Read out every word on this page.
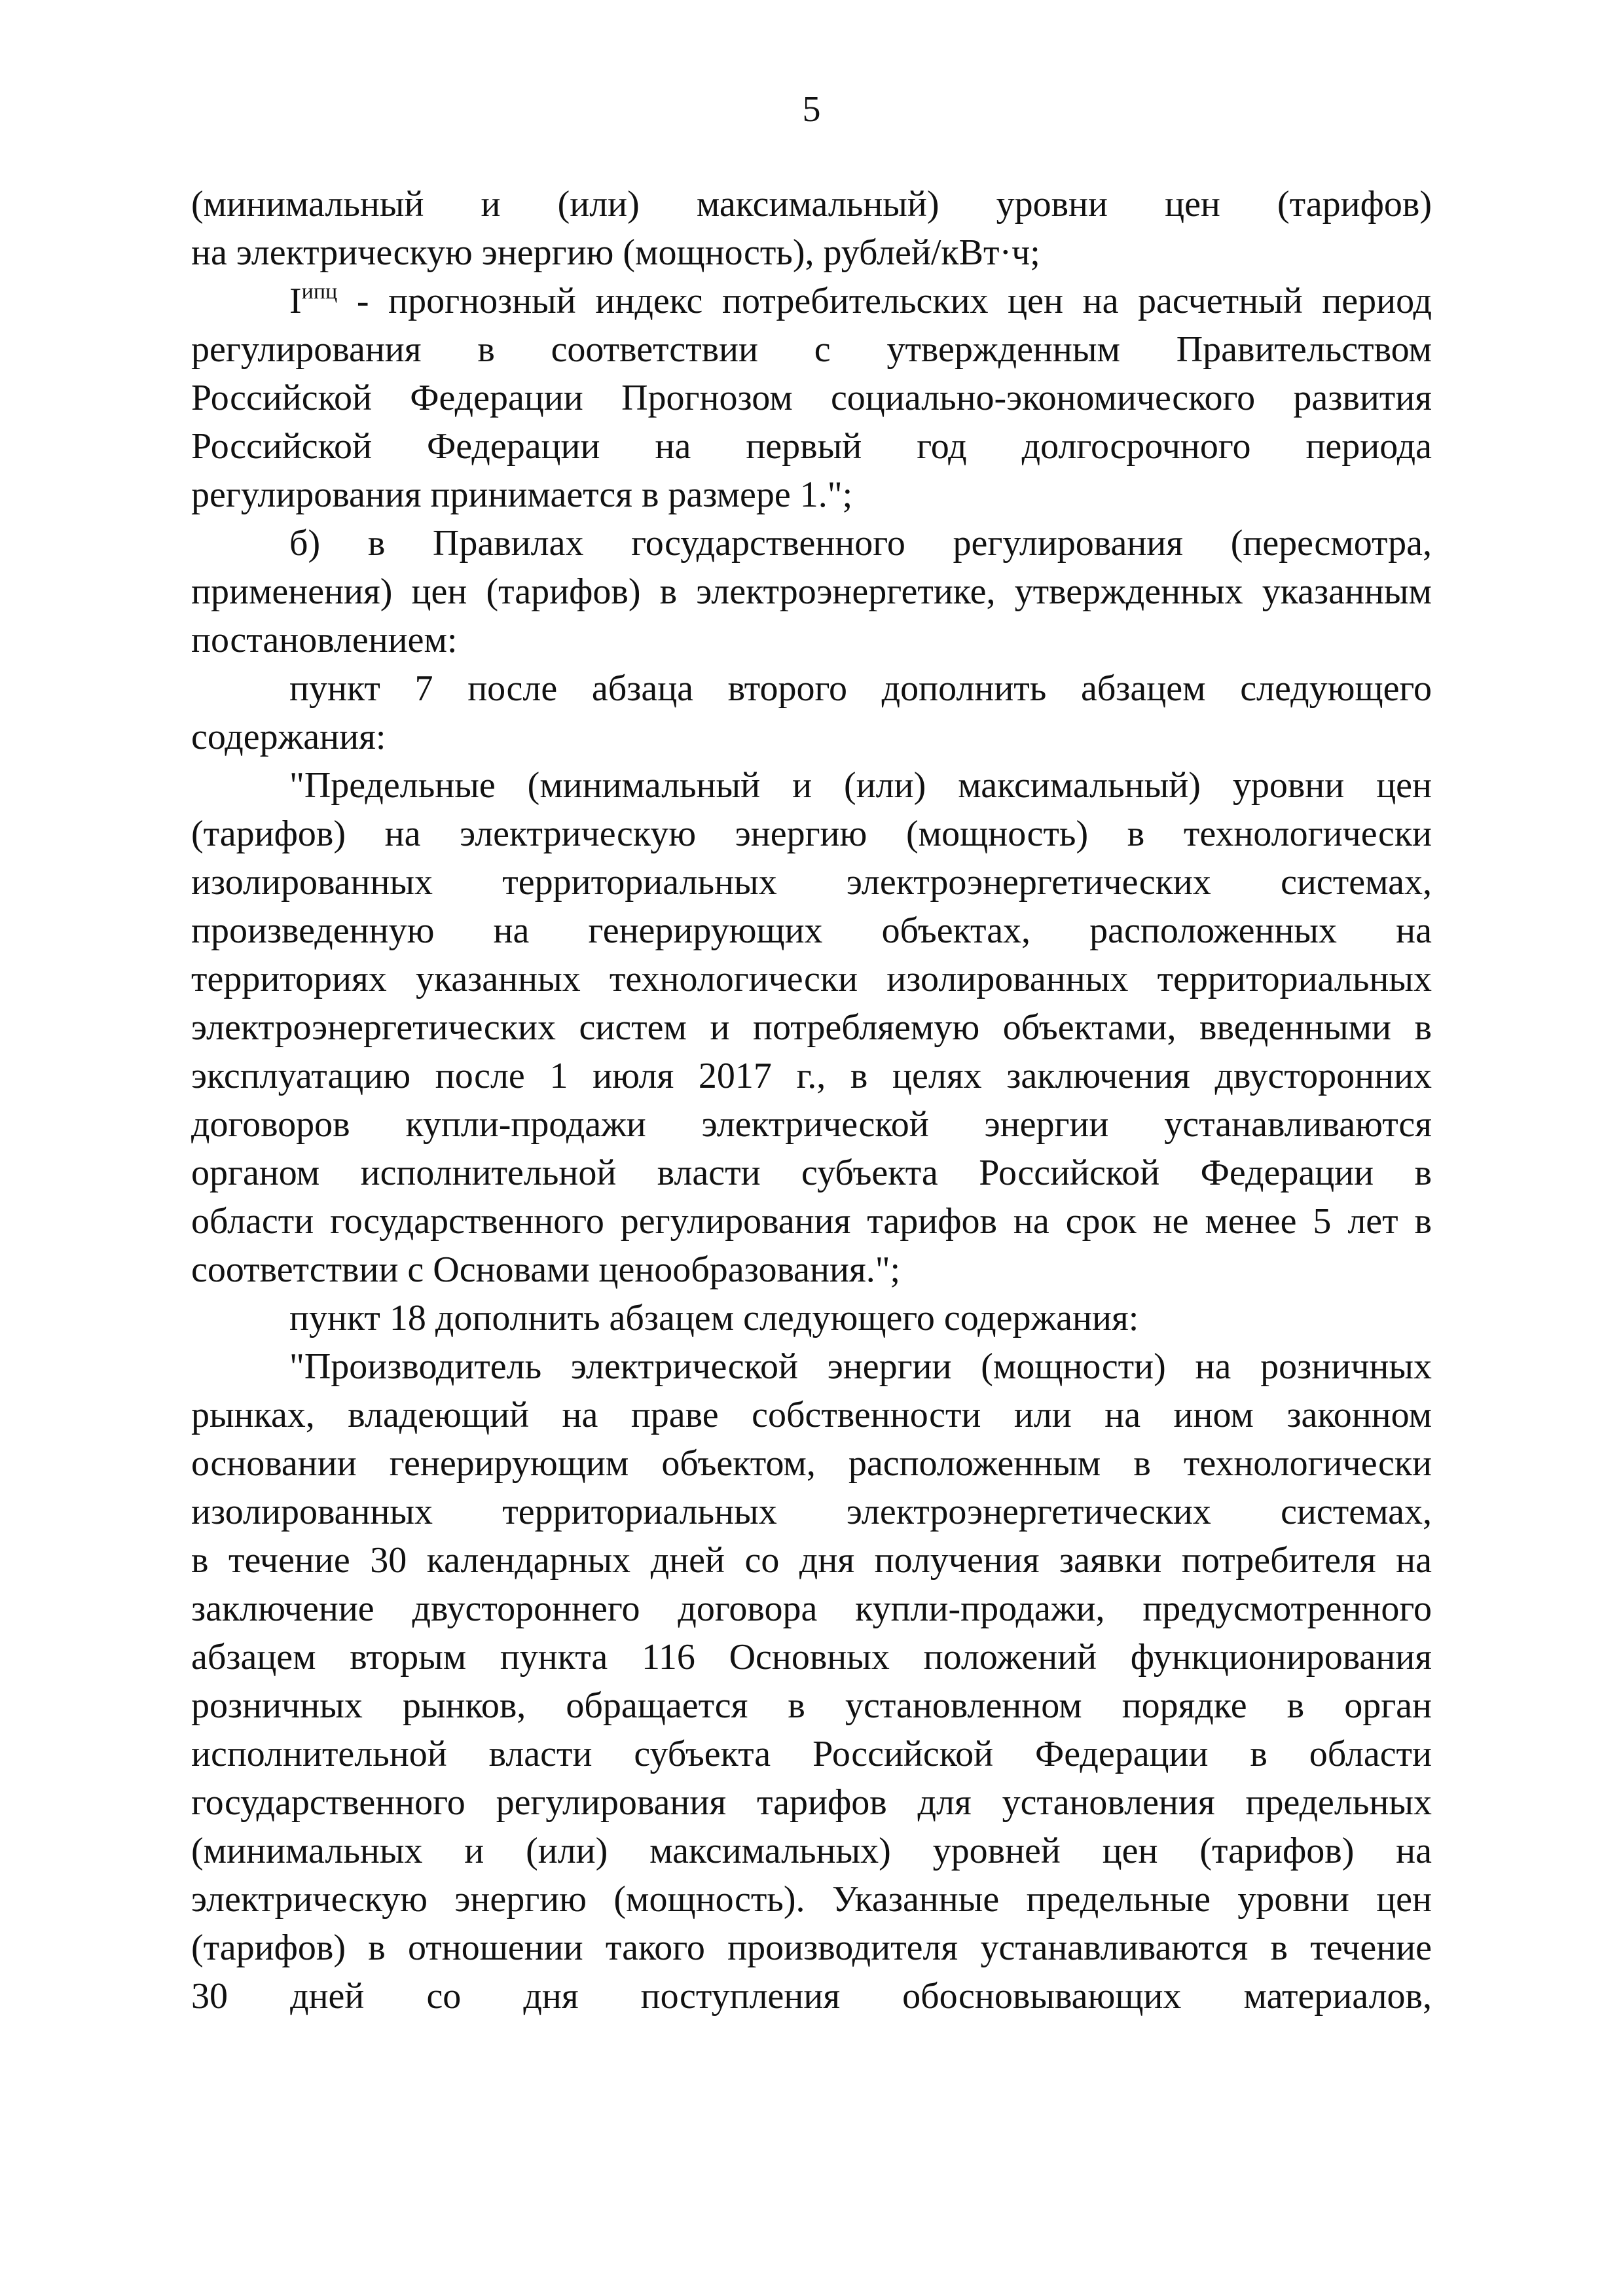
5
(минимальный и (или) максимальный) уровни цен (тарифов)
на электрическую энергию (мощность), рублей/кВт·ч;
$I^{ипц}$ - прогнозный индекс потребительских цен на расчетный период
регулирования в соответствии с утвержденным Правительством
Российской Федерации Прогнозом социально-экономического развития
Российской Федерации на первый год долгосрочного периода
регулирования принимается в размере 1.";
б) в Правилах государственного регулирования (пересмотра,
применения) цен (тарифов) в электроэнергетике, утвержденных указанным
постановлением:
пункт 7 после абзаца второго дополнить абзацем следующего
содержания:
"Предельные (минимальный и (или) максимальный) уровни цен
(тарифов) на электрическую энергию (мощность) в технологически
изолированных территориальных электроэнергетических системах,
произведенную на генерирующих объектах, расположенных на
территориях указанных технологически изолированных территориальных
электроэнергетических систем и потребляемую объектами, введенными в
эксплуатацию после 1 июля 2017 г., в целях заключения двусторонних
договоров купли-продажи электрической энергии устанавливаются
органом исполнительной власти субъекта Российской Федерации в
области государственного регулирования тарифов на срок не менее 5 лет в
соответствии с Основами ценообразования.";
пункт 18 дополнить абзацем следующего содержания:
"Производитель электрической энергии (мощности) на розничных
рынках, владеющий на праве собственности или на ином законном
основании генерирующим объектом, расположенным в технологически
изолированных территориальных электроэнергетических системах,
в течение 30 календарных дней со дня получения заявки потребителя на
заключение двустороннего договора купли-продажи, предусмотренного
абзацем вторым пункта 116 Основных положений функционирования
розничных рынков, обращается в установленном порядке в орган
исполнительной власти субъекта Российской Федерации в области
государственного регулирования тарифов для установления предельных
(минимальных и (или) максимальных) уровней цен (тарифов) на
электрическую энергию (мощность). Указанные предельные уровни цен
(тарифов) в отношении такого производителя устанавливаются в течение
30 дней со дня поступления обосновывающих материалов,
